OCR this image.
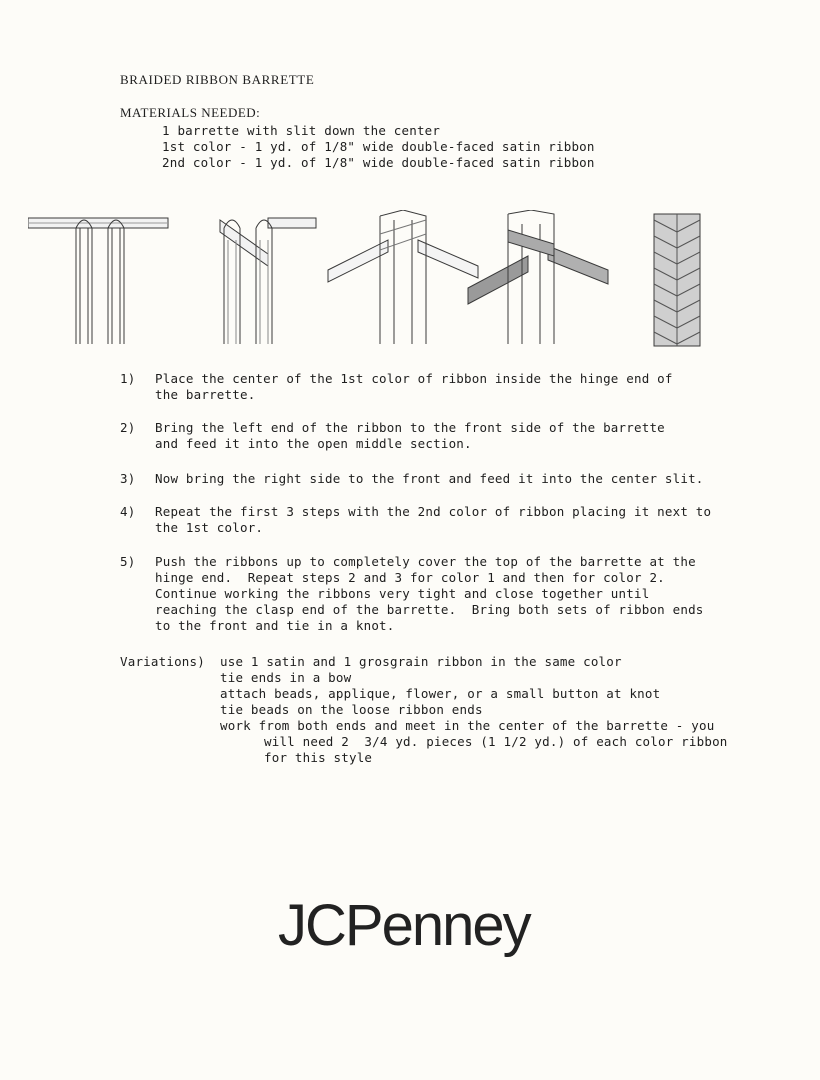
BRAIDED RIBBON BARRETTE
MATERIALS NEEDED:
1 barrette with slit down the center
1st color - 1 yd. of 1/8" wide double-faced satin ribbon
2nd color - 1 yd. of 1/8" wide double-faced satin ribbon
1) Place the center of the 1st color of ribbon inside the hinge end of
the barrette.
2) Bring the left end of the ribbon to the front side of the barrette
and feed it into the open middle section.
3) Now bring the right side to the front and feed it into the center slit.
4) Repeat the first 3 steps with the 2nd color of ribbon placing it next to
the 1st color.
5) Push the ribbons up to completely cover the top of the barrette at the
hinge end.  Repeat steps 2 and 3 for color 1 and then for color 2.
Continue working the ribbons very tight and close together until
reaching the clasp end of the barrette.  Bring both sets of ribbon ends
to the front and tie in a knot.
Variations) use 1 satin and 1 grosgrain ribbon in the same color
tie ends in a bow
attach beads, applique, flower, or a small button at knot
tie beads on the loose ribbon ends
work from both ends and meet in the center of the barrette - you
will need 2  3/4 yd. pieces (1 1/2 yd.) of each color ribbon
for this style
JCPenney
